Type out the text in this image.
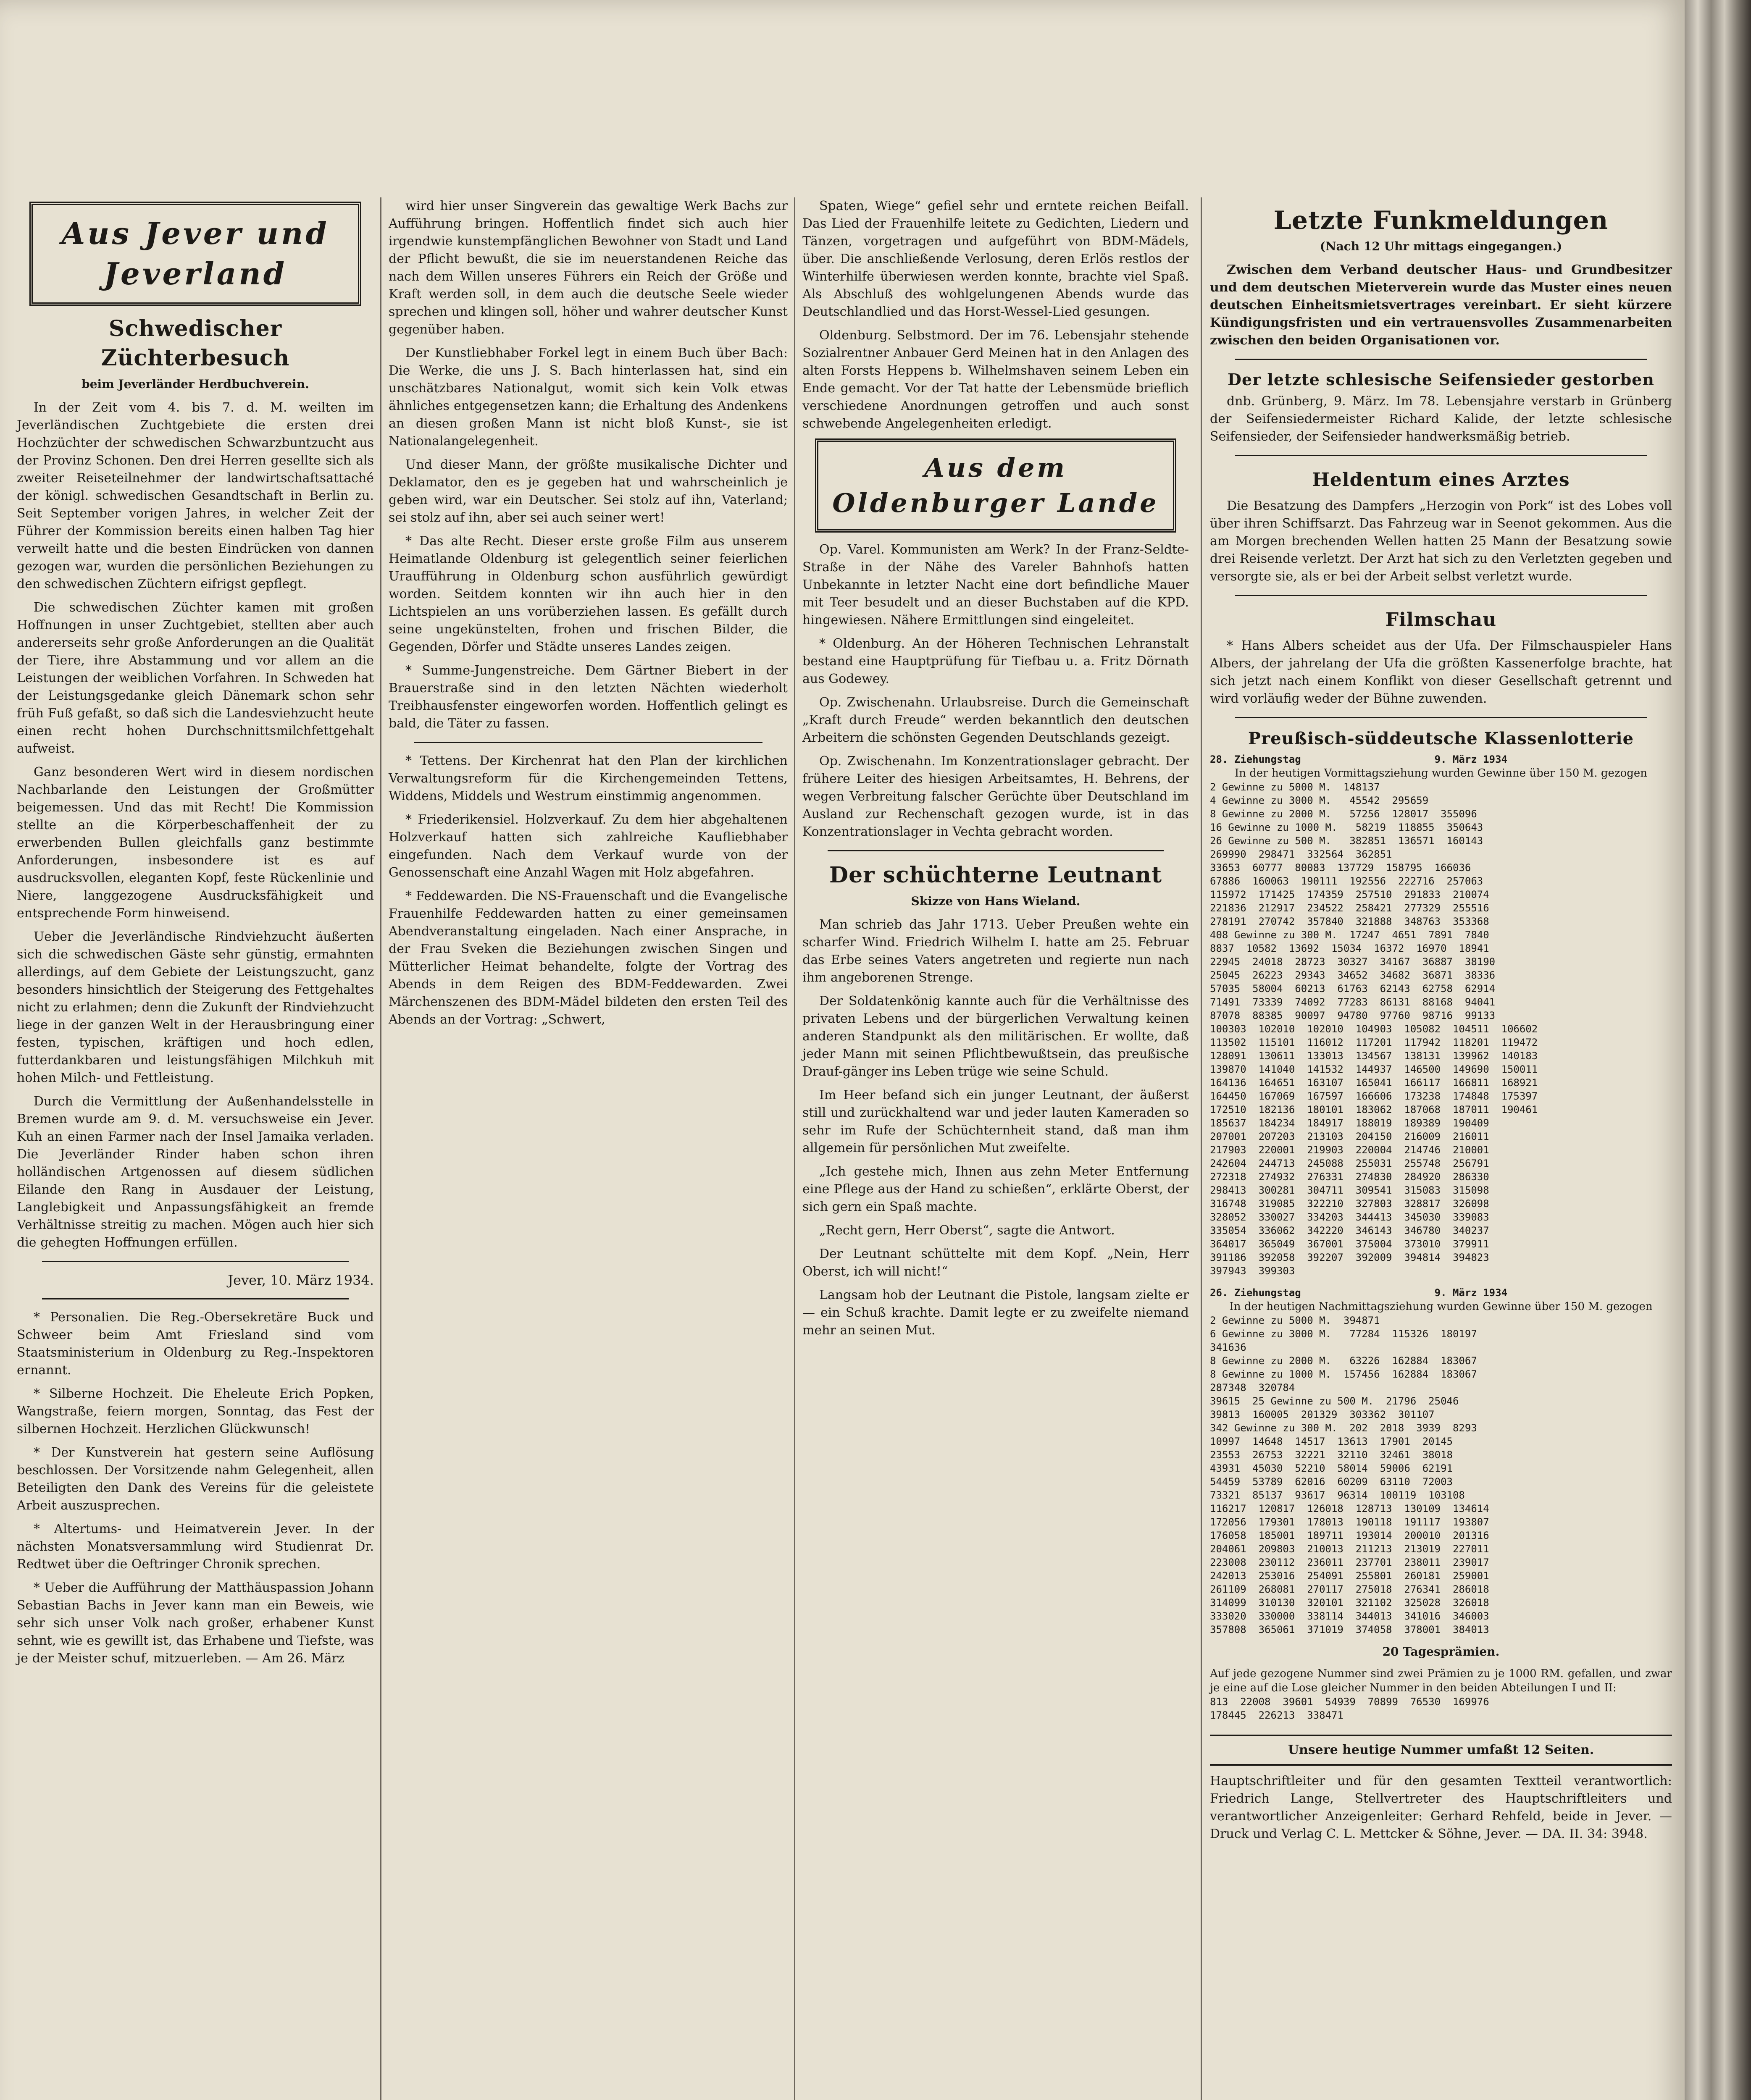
Aus Jever und Jeverland
Schwedischer Züchterbesuch
beim Jeverländer Herdbuchverein.

In der Zeit vom 4. bis 7. d. M. weilten im Jeverländischen Zuchtgebiete die ersten drei Hochzüchter der schwedischen Schwarzbuntzucht aus der Provinz Schonen. Den drei Herren gesellte sich als zweiter Reiseteilnehmer der landwirtschaftsattaché der königl. schwedischen Gesandtschaft in Berlin zu. Seit September vorigen Jahres, in welcher Zeit der Führer der Kommission bereits einen halben Tag hier verweilt hatte und die besten Eindrücken von dannen gezogen war, wurden die persönlichen Beziehungen zu den schwedischen Züchtern eifrigst gepflegt.

Die schwedischen Züchter kamen mit großen Hoffnungen in unser Zuchtgebiet, stellten aber auch andererseits sehr große Anforderungen an die Qualität der Tiere, ihre Abstammung und vor allem an die Leistungen der weiblichen Vorfahren. In Schweden hat der Leistungsgedanke gleich Dänemark schon sehr früh Fuß gefaßt, so daß sich die Landesviehzucht heute einen recht hohen Durchschnittsmilchfettgehalt aufweist.

Ganz besonderen Wert wird in diesem nordischen Nachbarlande den Leistungen der Großmütter beigemessen. Und das mit Recht! Die Kommission stellte an die Körperbeschaffenheit der zu erwerbenden Bullen gleichfalls ganz bestimmte Anforderungen, insbesondere ist es auf ausdrucksvollen, eleganten Kopf, feste Rückenlinie und Niere, langgezogene Ausdrucksfähigkeit und entsprechende Form hinweisend.

Ueber die Jeverländische Rindviehzucht äußerten sich die schwedischen Gäste sehr günstig, ermahnten allerdings, auf dem Gebiete der Leistungszucht, ganz besonders hinsichtlich der Steigerung des Fettgehaltes nicht zu erlahmen; denn die Zukunft der Rindviehzucht liege in der ganzen Welt in der Herausbringung einer festen, typischen, kräftigen und hoch edlen, futterdankbaren und leistungsfähigen Milchkuh mit hohen Milch- und Fettleistung.

Durch die Vermittlung der Außenhandelsstelle in Bremen wurde am 9. d. M. versuchsweise ein Jever. Kuh an einen Farmer nach der Insel Jamaika verladen. Die Jeverländer Rinder haben schon ihren holländischen Artgenossen auf diesem südlichen Eilande den Rang in Ausdauer der Leistung, Langlebigkeit und Anpassungsfähigkeit an fremde Verhältnisse streitig zu machen. Mögen auch hier sich die gehegten Hoffnungen erfüllen.

Jever, 10. März 1934.

* Personalien. Die Reg.-Obersekretäre Buck und Schweer beim Amt Friesland sind vom Staatsministerium in Oldenburg zu Reg.-Inspektoren ernannt.

* Silberne Hochzeit. Die Eheleute Erich Popken, Wangstraße, feiern morgen, Sonntag, das Fest der silbernen Hochzeit. Herzlichen Glückwunsch!

* Der Kunstverein hat gestern seine Auflösung beschlossen. Der Vorsitzende nahm Gelegenheit, allen Beteiligten den Dank des Vereins für die geleistete Arbeit auszusprechen.

* Altertums- und Heimatverein Jever. In der nächsten Monatsversammlung wird Studienrat Dr. Redtwet über die Oeftringer Chronik sprechen.

* Ueber die Aufführung der Matthäuspassion Johann Sebastian Bachs in Jever kann man ein Beweis, wie sehr sich unser Volk nach großer, erhabener Kunst sehnt, wie es gewillt ist, das Erhabene und Tiefste, was je der Meister schuf, mitzuerleben. — Am 26. März

wird hier unser Singverein das gewaltige Werk Bachs zur Aufführung bringen. Hoffentlich findet sich auch hier irgendwie kunstempfänglichen Bewohner von Stadt und Land der Pflicht bewußt, die sie im neuerstandenen Reiche das nach dem Willen unseres Führers ein Reich der Größe und Kraft werden soll, in dem auch die deutsche Seele wieder sprechen und klingen soll, höher und wahrer deutscher Kunst gegenüber haben.

Der Kunstliebhaber Forkel legt in einem Buch über Bach: Die Werke, die uns J. S. Bach hinterlassen hat, sind ein unschätzbares Nationalgut, womit sich kein Volk etwas ähnliches entgegensetzen kann; die Erhaltung des Andenkens an diesen großen Mann ist nicht bloß Kunst-, sie ist Nationalangelegenheit.

Und dieser Mann, der größte musikalische Dichter und Deklamator, den es je gegeben hat und wahrscheinlich je geben wird, war ein Deutscher. Sei stolz auf ihn, Vaterland; sei stolz auf ihn, aber sei auch seiner wert!

* Das alte Recht. Dieser erste große Film aus unserem Heimatlande Oldenburg ist gelegentlich seiner feierlichen Uraufführung in Oldenburg schon ausführlich gewürdigt worden. Seitdem konnten wir ihn auch hier in den Lichtspielen an uns vorüberziehen lassen. Es gefällt durch seine ungekünstelten, frohen und frischen Bilder, die Gegenden, Dörfer und Städte unseres Landes zeigen.

* Summe-Jungenstreiche. Dem Gärtner Biebert in der Brauerstraße sind in den letzten Nächten wiederholt Treibhausfenster eingeworfen worden. Hoffentlich gelingt es bald, die Täter zu fassen.

* Tettens. Der Kirchenrat hat den Plan der kirchlichen Verwaltungsreform für die Kirchengemeinden Tettens, Widdens, Middels und Westrum einstimmig angenommen.

* Friederikensiel. Holzverkauf. Zu dem hier abgehaltenen Holzverkauf hatten sich zahlreiche Kaufliebhaber eingefunden. Nach dem Verkauf wurde von der Genossenschaft eine Anzahl Wagen mit Holz abgefahren.

* Feddewarden. Die NS-Frauenschaft und die Evangelische Frauenhilfe Feddewarden hatten zu einer gemeinsamen Abendveranstaltung eingeladen. Nach einer Ansprache, in der Frau Sveken die Beziehungen zwischen Singen und Mütterlicher Heimat behandelte, folgte der Vortrag des Abends in dem Reigen des BDM-Feddewarden. Zwei Märchenszenen des BDM-Mädel bildeten den ersten Teil des Abends an der Vortrag: „Schwert,

Spaten, Wiege“ gefiel sehr und erntete reichen Beifall. Das Lied der Frauenhilfe leitete zu Gedichten, Liedern und Tänzen, vorgetragen und aufgeführt von BDM-Mädels, über. Die anschließende Verlosung, deren Erlös restlos der Winterhilfe überwiesen werden konnte, brachte viel Spaß. Als Abschluß des wohlgelungenen Abends wurde das Deutschlandlied und das Horst-Wessel-Lied gesungen.

Oldenburg. Selbstmord. Der im 76. Lebensjahr stehende Sozialrentner Anbauer Gerd Meinen hat in den Anlagen des alten Forsts Heppens b. Wilhelmshaven seinem Leben ein Ende gemacht. Vor der Tat hatte der Lebensmüde brieflich verschiedene Anordnungen getroffen und auch sonst schwebende Angelegenheiten erledigt.

Aus dem Oldenburger Lande

Op. Varel. Kommunisten am Werk? In der Franz-Seldte-Straße in der Nähe des Vareler Bahnhofs hatten Unbekannte in letzter Nacht eine dort befindliche Mauer mit Teer besudelt und an dieser Buchstaben auf die KPD. hingewiesen. Nähere Ermittlungen sind eingeleitet.

* Oldenburg. An der Höheren Technischen Lehranstalt bestand eine Hauptprüfung für Tiefbau u. a. Fritz Dörnath aus Godewey.

Op. Zwischenahn. Urlaubsreise. Durch die Gemeinschaft „Kraft durch Freude“ werden bekanntlich den deutschen Arbeitern die schönsten Gegenden Deutschlands gezeigt.

Op. Zwischenahn. Im Konzentrationslager gebracht. Der frühere Leiter des hiesigen Arbeitsamtes, H. Behrens, der wegen Verbreitung falscher Gerüchte über Deutschland im Ausland zur Rechenschaft gezogen wurde, ist in das Konzentrationslager in Vechta gebracht worden.

Der schüchterne Leutnant
Skizze von Hans Wieland.

Man schrieb das Jahr 1713. Ueber Preußen wehte ein scharfer Wind. Friedrich Wilhelm I. hatte am 25. Februar das Erbe seines Vaters angetreten und regierte nun nach ihm angeborenen Strenge.

Der Soldatenkönig kannte auch für die Verhältnisse des privaten Lebens und der bürgerlichen Verwaltung keinen anderen Standpunkt als den militärischen. Er wollte, daß jeder Mann mit seinen Pflichtbewußtsein, das preußische Drauf-gänger ins Leben trüge wie seine Schuld.

Im Heer befand sich ein junger Leutnant, der äußerst still und zurückhaltend war und jeder lauten Kameraden so sehr im Rufe der Schüchternheit stand, daß man ihm allgemein für persönlichen Mut zweifelte.

„Ich gestehe mich, Ihnen aus zehn Meter Entfernung eine Pflege aus der Hand zu schießen“, erklärte Oberst, der sich gern ein Spaß machte.

„Recht gern, Herr Oberst“, sagte die Antwort.

Der Leutnant schüttelte mit dem Kopf. „Nein, Herr Oberst, ich will nicht!“

Langsam hob der Leutnant die Pistole, langsam zielte er — ein Schuß krachte. Damit legte er zu zweifelte niemand mehr an seinen Mut.

Letzte Funkmeldungen
(Nach 12 Uhr mittags eingegangen.)

Zwischen dem Verband deutscher Haus- und Grundbesitzer und dem deutschen Mieterverein wurde das Muster eines neuen deutschen Einheitsmietsvertrages vereinbart. Er sieht kürzere Kündigungsfristen und ein vertrauensvolles Zusammenarbeiten zwischen den beiden Organisationen vor.

Der letzte schlesische Seifensieder gestorben

dnb. Grünberg, 9. März. Im 78. Lebensjahre verstarb in Grünberg der Seifensiedermeister Richard Kalide, der letzte schlesische Seifensieder, der Seifensieder handwerksmäßig betrieb.

Heldentum eines Arztes

Die Besatzung des Dampfers „Herzogin von Pork“ ist des Lobes voll über ihren Schiffsarzt. Das Fahrzeug war in Seenot gekommen. Aus die am Morgen brechenden Wellen hatten 25 Mann der Besatzung sowie drei Reisende verletzt. Der Arzt hat sich zu den Verletzten gegeben und versorgte sie, als er bei der Arbeit selbst verletzt wurde.

Filmschau

* Hans Albers scheidet aus der Ufa. Der Filmschauspieler Hans Albers, der jahrelang der Ufa die größten Kassenerfolge brachte, hat sich jetzt nach einem Konflikt von dieser Gesellschaft getrennt und wird vorläufig weder der Bühne zuwenden.

Preußisch-süddeutsche Klassenlotterie
28. Ziehungstag                      9. März 1934
In der heutigen Vormittagsziehung wurden Gewinne über 150 M. gezogen
2 Gewinne zu 5000 M.  148137
4 Gewinne zu 3000 M.   45542  295659
8 Gewinne zu 2000 M.   57256  128017  355096
16 Gewinne zu 1000 M.   58219  118855  350643
26 Gewinne zu 500 M.   382851  136571  160143
269990  298471  332564  362851
33653  60777  80083  137729  158795  166036
67886  160063  190111  192556  222716  257063
115972  171425  174359  257510  291833  210074
221836  212917  234522  258421  277329  255516
278191  270742  357840  321888  348763  353368
408 Gewinne zu 300 M.  17247  4651  7891  7840
8837  10582  13692  15034  16372  16970  18941
22945  24018  28723  30327  34167  36887  38190
25045  26223  29343  34652  34682  36871  38336
57035  58004  60213  61763  62143  62758  62914
71491  73339  74092  77283  86131  88168  94041
87078  88385  90097  94780  97760  98716  99133
100303  102010  102010  104903  105082  104511  106602
113502  115101  116012  117201  117942  118201  119472
128091  130611  133013  134567  138131  139962  140183
139870  141040  141532  144937  146500  149690  150011
164136  164651  163107  165041  166117  166811  168921
164450  167069  167597  166606  173238  174848  175397
172510  182136  180101  183062  187068  187011  190461
185637  184234  184917  188019  189389  190409
207001  207203  213103  204150  216009  216011
217903  220001  219903  220004  214746  210001
242604  244713  245088  255031  255748  256791
272318  274932  276331  274830  284920  286330
298413  300281  304711  309541  315083  315098
316748  319085  322210  327803  328817  326098
328052  330027  334203  344413  345030  339083
335054  336062  342220  346143  346780  340237
364017  365049  367001  375004  373010  379911
391186  392058  392207  392009  394814  394823
397943  399303
26. Ziehungstag                      9. März 1934
In der heutigen Nachmittagsziehung wurden Gewinne über 150 M. gezogen
2 Gewinne zu 5000 M.  394871
6 Gewinne zu 3000 M.   77284  115326  180197
341636
8 Gewinne zu 2000 M.   63226  162884  183067
8 Gewinne zu 1000 M.  157456  162884  183067
287348  320784
39615  25 Gewinne zu 500 M.  21796  25046
39813  160005  201329  303362  301107
342 Gewinne zu 300 M.  202  2018  3939  8293
10997  14648  14517  13613  17901  20145
23553  26753  32221  32110  32461  38018
43931  45030  52210  58014  59006  62191
54459  53789  62016  60209  63110  72003
73321  85137  93617  96314  100119  103108
116217  120817  126018  128713  130109  134614
172056  179301  178013  190118  191117  193807
176058  185001  189711  193014  200010  201316
204061  209803  210013  211213  213019  227011
223008  230112  236011  237701  238011  239017
242013  253016  254091  255801  260181  259001
261109  268081  270117  275018  276341  286018
314099  310130  320101  321102  325028  326018
333020  330000  338114  344013  341016  346003
357808  365061  371019  374058  378001  384013
20 Tagesprämien.
Auf jede gezogene Nummer sind zwei Prämien zu je 1000 RM. gefallen, und zwar je eine auf die Lose gleicher Nummer in den beiden Abteilungen I und II:
813  22008  39601  54939  70899  76530  169976
178445  226213  338471
Unsere heutige Nummer umfaßt 12 Seiten.
Hauptschriftleiter und für den gesamten Textteil verantwortlich: Friedrich Lange, Stellvertreter des Hauptschriftleiters und verantwortlicher Anzeigenleiter: Gerhard Rehfeld, beide in Jever. — Druck und Verlag C. L. Mettcker & Söhne, Jever. — DA. II. 34: 3948.
